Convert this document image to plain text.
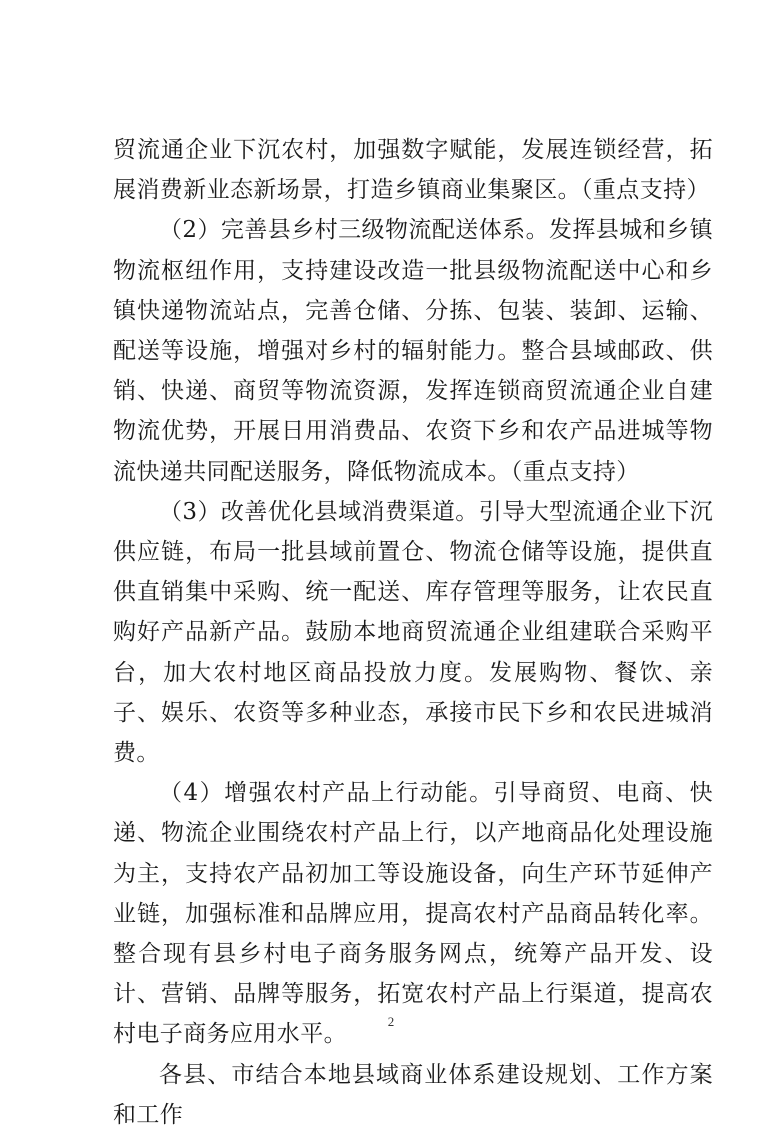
贸流通企业下沉农村，加强数字赋能，发展连锁经营，拓展消费新业态新场景，打造乡镇商业集聚区。（重点支持）

（2）完善县乡村三级物流配送体系。发挥县城和乡镇物流枢纽作用，支持建设改造一批县级物流配送中心和乡镇快递物流站点，完善仓储、分拣、包装、装卸、运输、配送等设施，增强对乡村的辐射能力。整合县域邮政、供销、快递、商贸等物流资源，发挥连锁商贸流通企业自建物流优势，开展日用消费品、农资下乡和农产品进城等物流快递共同配送服务，降低物流成本。（重点支持）

（3）改善优化县域消费渠道。引导大型流通企业下沉供应链，布局一批县域前置仓、物流仓储等设施，提供直供直销集中采购、统一配送、库存管理等服务，让农民直购好产品新产品。鼓励本地商贸流通企业组建联合采购平台，加大农村地区商品投放力度。发展购物、餐饮、亲子、娱乐、农资等多种业态，承接市民下乡和农民进城消费。

（4）增强农村产品上行动能。引导商贸、电商、快递、物流企业围绕农村产品上行，以产地商品化处理设施为主，支持农产品初加工等设施设备，向生产环节延伸产业链，加强标准和品牌应用，提高农村产品商品转化率。整合现有县乡村电子商务服务网点，统筹产品开发、设计、营销、品牌等服务，拓宽农村产品上行渠道，提高农村电子商务应用水平。

各县、市结合本地县域商业体系建设规划、工作方案和工作

2
